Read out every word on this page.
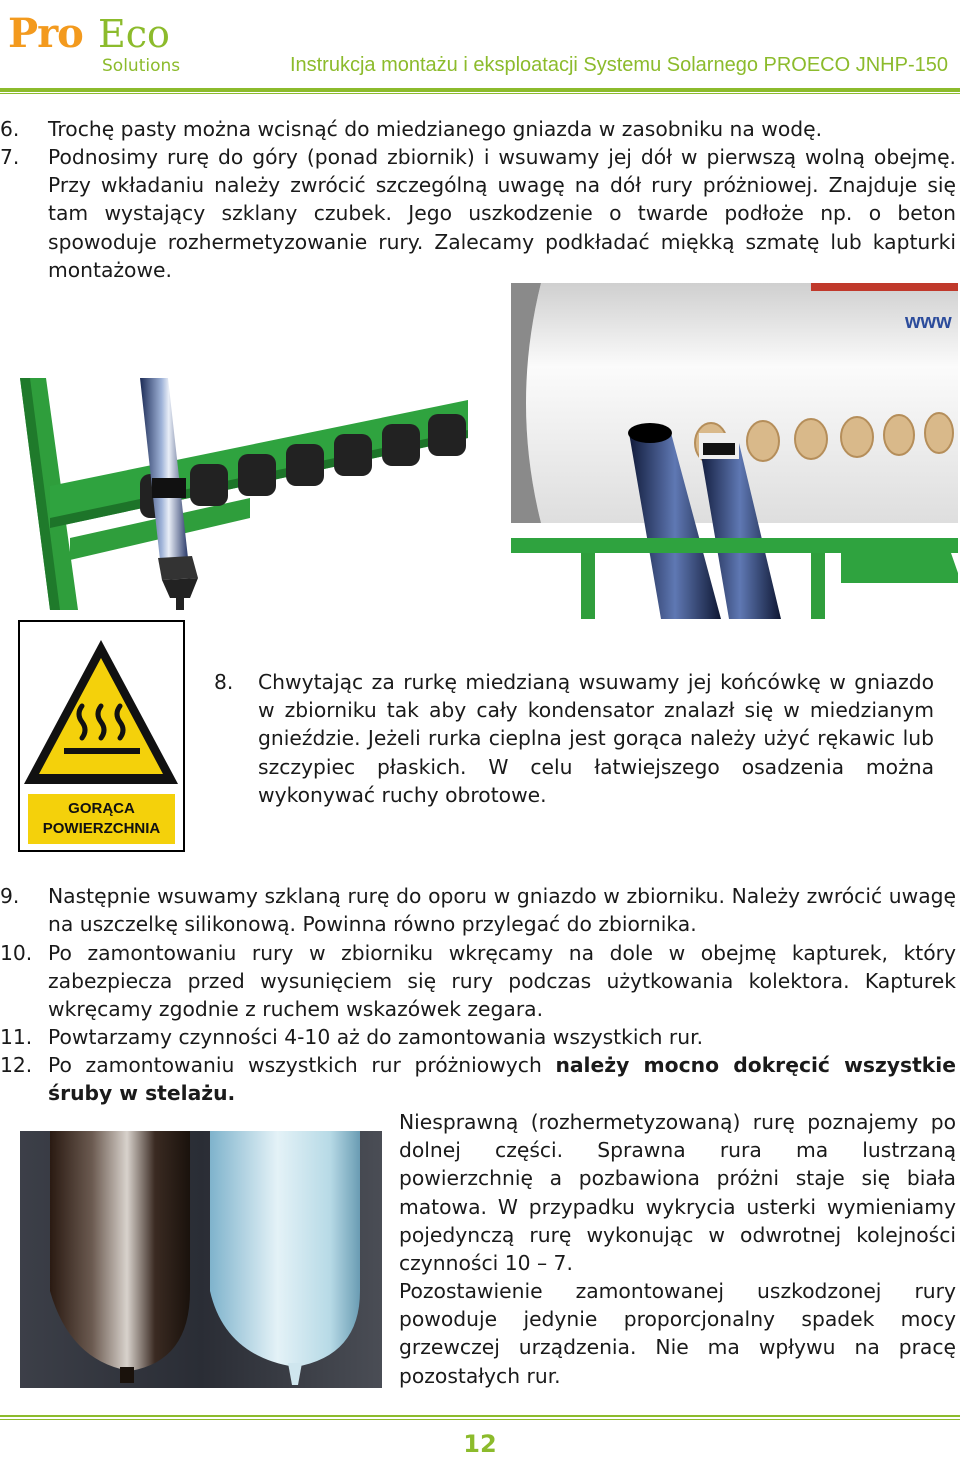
Pro Eco
Solutions	Instrukcja montażu i eksploatacji Systemu Solarnego PROECO JNHP-150
6. Trochę pasty można wcisnąć do miedzianego gniazda w zasobniku na wodę.
7. Podnosimy rurę do góry (ponad zbiornik) i wsuwamy jej dół w pierwszą wolną obejmę. Przy wkładaniu należy zwrócić szczególną uwagę na dół rury próżniowej. Znajduje się tam wystający szklany czubek. Jego uszkodzenie o twarde podłoże np. o beton spowoduje rozhermetyzowanie rury. Zalecamy podkładać miękką szmatę lub kapturki montażowe.
www
GORĄCA
POWIERZCHNIA
8. Chwytając za rurkę miedzianą wsuwamy jej końcówkę w gniazdo w zbiorniku tak aby cały kondensator znalazł się w miedzianym gnieździe. Jeżeli rurka cieplna jest gorąca należy użyć rękawic lub szczypiec płaskich. W celu łatwiejszego osadzenia można wykonywać ruchy obrotowe.
9. Następnie wsuwamy szklaną rurę do oporu w gniazdo w zbiorniku. Należy zwrócić uwagę na uszczelkę silikonową. Powinna równo przylegać do zbiornika.
10. Po zamontowaniu rury w zbiorniku wkręcamy na dole w obejmę kapturek, który zabezpiecza przed wysunięciem się rury podczas użytkowania kolektora. Kapturek wkręcamy zgodnie z ruchem wskazówek zegara.
11. Powtarzamy czynności 4-10 aż do zamontowania wszystkich rur.
12. Po zamontowaniu wszystkich rur próżniowych należy mocno dokręcić wszystkie śruby w stelażu.
Niesprawną (rozhermetyzowaną) rurę poznajemy po dolnej części. Sprawna rura ma lustrzaną powierzchnię a pozbawiona próżni staje się biała matowa. W przypadku wykrycia usterki wymieniamy pojedynczą rurę wykonując w odwrotnej kolejności czynności 10 – 7.
Pozostawienie zamontowanej uszkodzonej rury powoduje jedynie proporcjonalny spadek mocy grzewczej urządzenia. Nie ma wpływu na pracę pozostałych rur.
12
